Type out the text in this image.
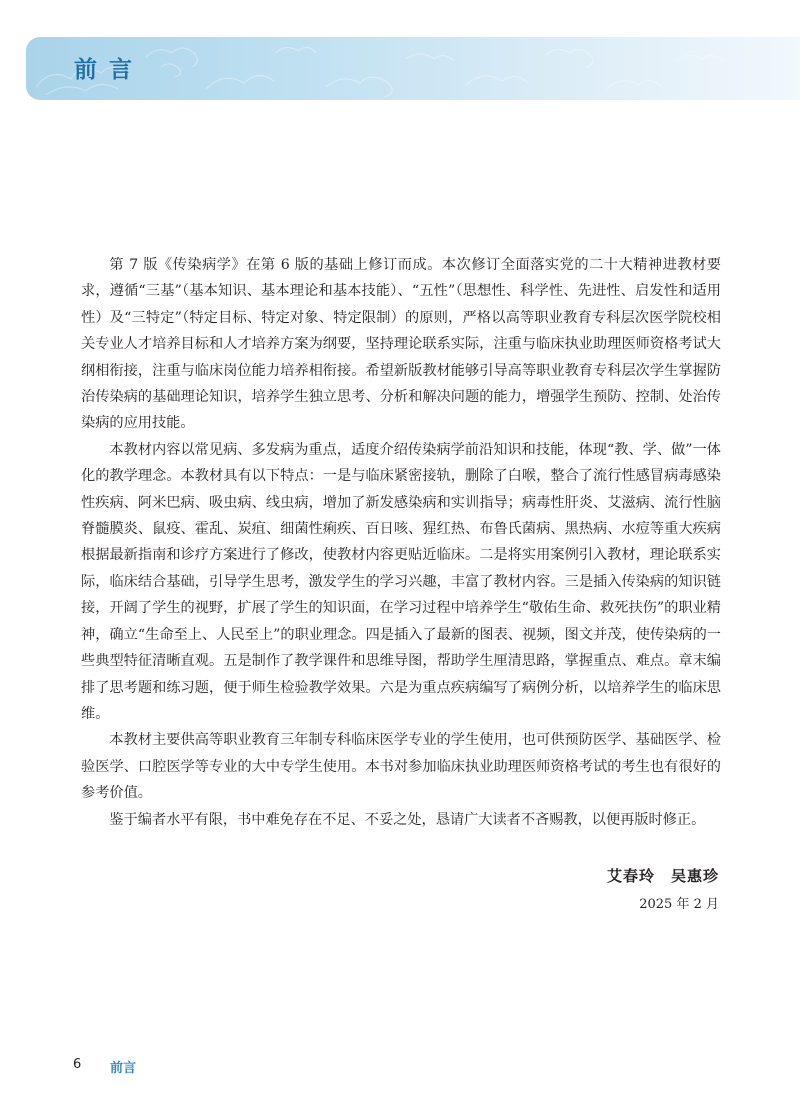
前言

第 7 版《传染病学》在第 6 版的基础上修订而成。本次修订全面落实党的二十大精神进教材要求，遵循“三基”（基本知识、基本理论和基本技能）、“五性”（思想性、科学性、先进性、启发性和适用性）及“三特定”（特定目标、特定对象、特定限制）的原则，严格以高等职业教育专科层次医学院校相关专业人才培养目标和人才培养方案为纲要，坚持理论联系实际，注重与临床执业助理医师资格考试大纲相衔接，注重与临床岗位能力培养相衔接。希望新版教材能够引导高等职业教育专科层次学生掌握防治传染病的基础理论知识，培养学生独立思考、分析和解决问题的能力，增强学生预防、控制、处治传染病的应用技能。

本教材内容以常见病、多发病为重点，适度介绍传染病学前沿知识和技能，体现“教、学、做”一体化的教学理念。本教材具有以下特点：一是与临床紧密接轨，删除了白喉，整合了流行性感冒病毒感染性疾病、阿米巴病、吸虫病、线虫病，增加了新发感染病和实训指导；病毒性肝炎、艾滋病、流行性脑脊髓膜炎、鼠疫、霍乱、炭疽、细菌性痢疾、百日咳、猩红热、布鲁氏菌病、黑热病、水痘等重大疾病根据最新指南和诊疗方案进行了修改，使教材内容更贴近临床。二是将实用案例引入教材，理论联系实际，临床结合基础，引导学生思考，激发学生的学习兴趣，丰富了教材内容。三是插入传染病的知识链接，开阔了学生的视野，扩展了学生的知识面，在学习过程中培养学生“敬佑生命、救死扶伤”的职业精神，确立“生命至上、人民至上”的职业理念。四是插入了最新的图表、视频，图文并茂，使传染病的一些典型特征清晰直观。五是制作了教学课件和思维导图，帮助学生厘清思路，掌握重点、难点。章末编排了思考题和练习题，便于师生检验教学效果。六是为重点疾病编写了病例分析，以培养学生的临床思维。

本教材主要供高等职业教育三年制专科临床医学专业的学生使用，也可供预防医学、基础医学、检验医学、口腔医学等专业的大中专学生使用。本书对参加临床执业助理医师资格考试的考生也有很好的参考价值。

鉴于编者水平有限，书中难免存在不足、不妥之处，恳请广大读者不吝赐教，以便再版时修正。

艾春玲　吴惠珍
2025 年 2 月
6 前言
